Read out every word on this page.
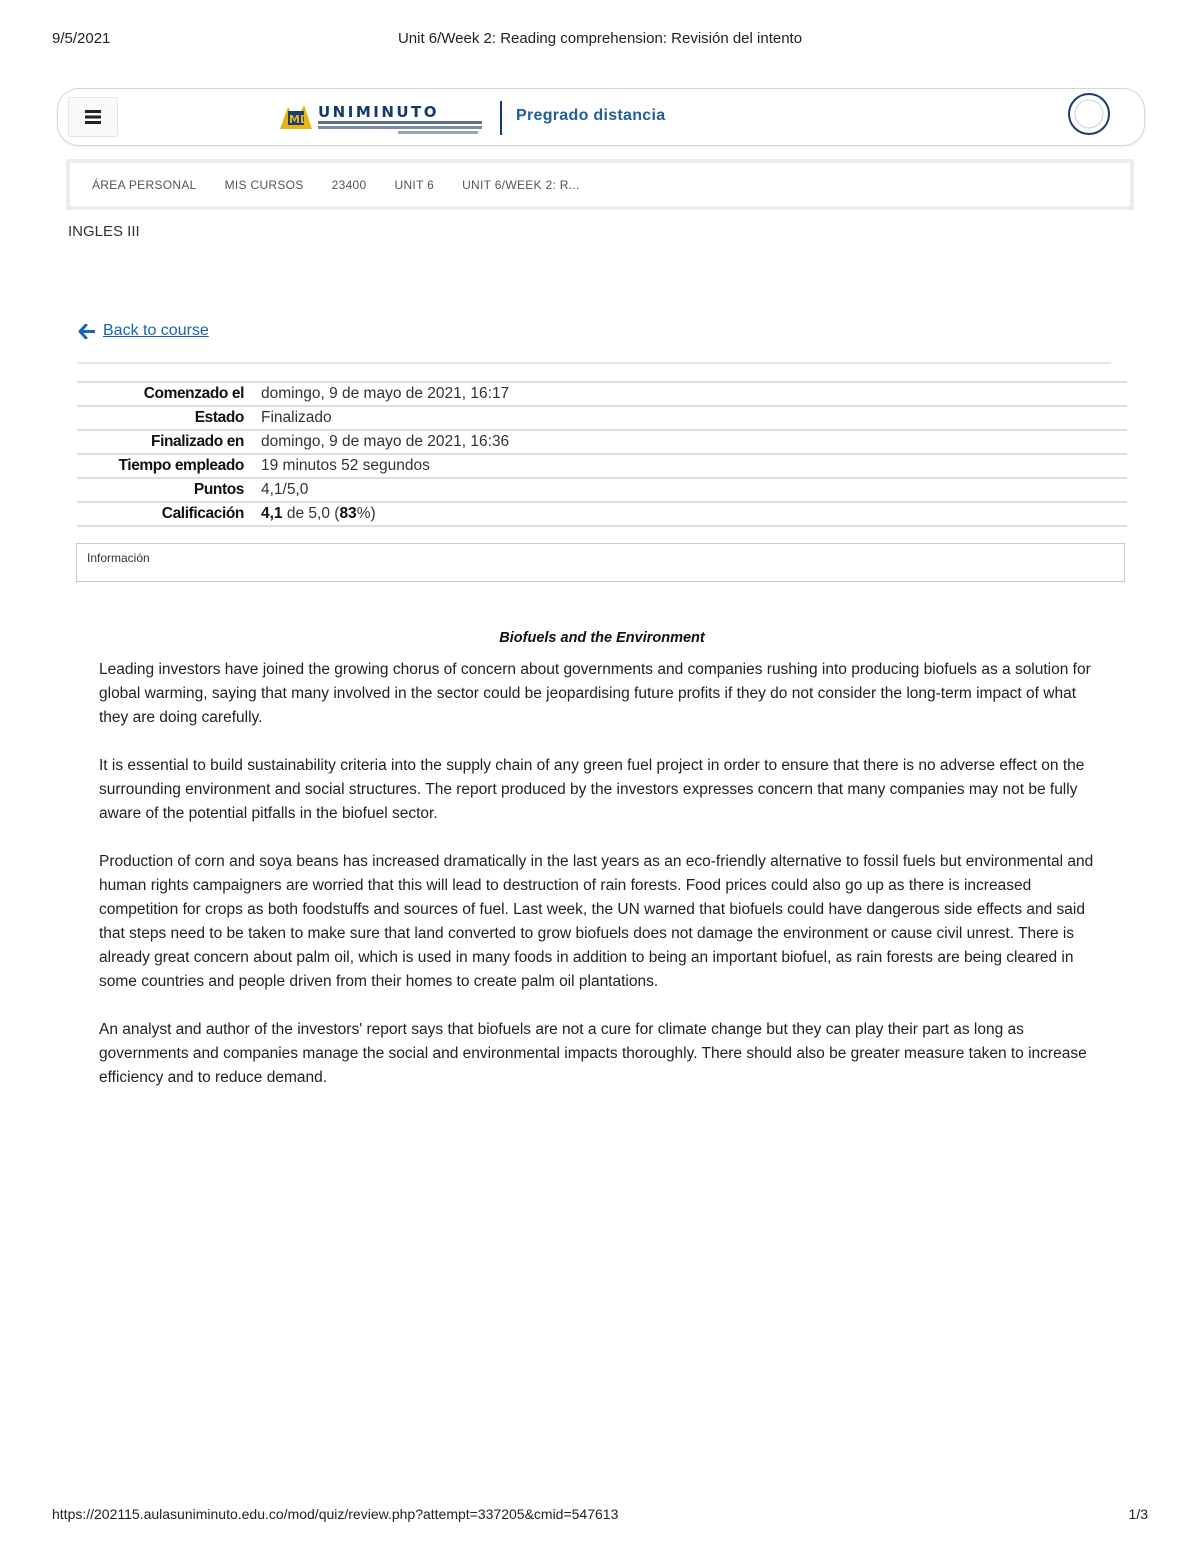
9/5/2021	Unit 6/Week 2: Reading comprehension: Revisión del intento
MD UNIMINUTO	Pregrado distancia
ÁREA PERSONAL MIS CURSOS 23400 UNIT 6 UNIT 6/WEEK 2: R...
INGLES III
Back to course
Comenzado el	domingo, 9 de mayo de 2021, 16:17
Estado	Finalizado
Finalizado en	domingo, 9 de mayo de 2021, 16:36
Tiempo empleado	19 minutos 52 segundos
Puntos	4,1/5,0
Calificación	4,1 de 5,0 (83%)
Información
Biofuels and the Environment

Leading investors have joined the growing chorus of concern about governments and companies rushing into producing biofuels as a solution for global warming, saying that many involved in the sector could be jeopardising future profits if they do not consider the long-term impact of what they are doing carefully.

It is essential to build sustainability criteria into the supply chain of any green fuel project in order to ensure that there is no adverse effect on the surrounding environment and social structures. The report produced by the investors expresses concern that many companies may not be fully aware of the potential pitfalls in the biofuel sector.

Production of corn and soya beans has increased dramatically in the last years as an eco-friendly alternative to fossil fuels but environmental and human rights campaigners are worried that this will lead to destruction of rain forests. Food prices could also go up as there is increased competition for crops as both foodstuffs and sources of fuel. Last week, the UN warned that biofuels could have dangerous side effects and said that steps need to be taken to make sure that land converted to grow biofuels does not damage the environment or cause civil unrest. There is already great concern about palm oil, which is used in many foods in addition to being an important biofuel, as rain forests are being cleared in some countries and people driven from their homes to create palm oil plantations.

An analyst and author of the investors' report says that biofuels are not a cure for climate change but they can play their part as long as governments and companies manage the social and environmental impacts thoroughly. There should also be greater measure taken to increase efficiency and to reduce demand.

https://202115.aulasuniminuto.edu.co/mod/quiz/review.php?attempt=337205&cmid=547613	1/3
